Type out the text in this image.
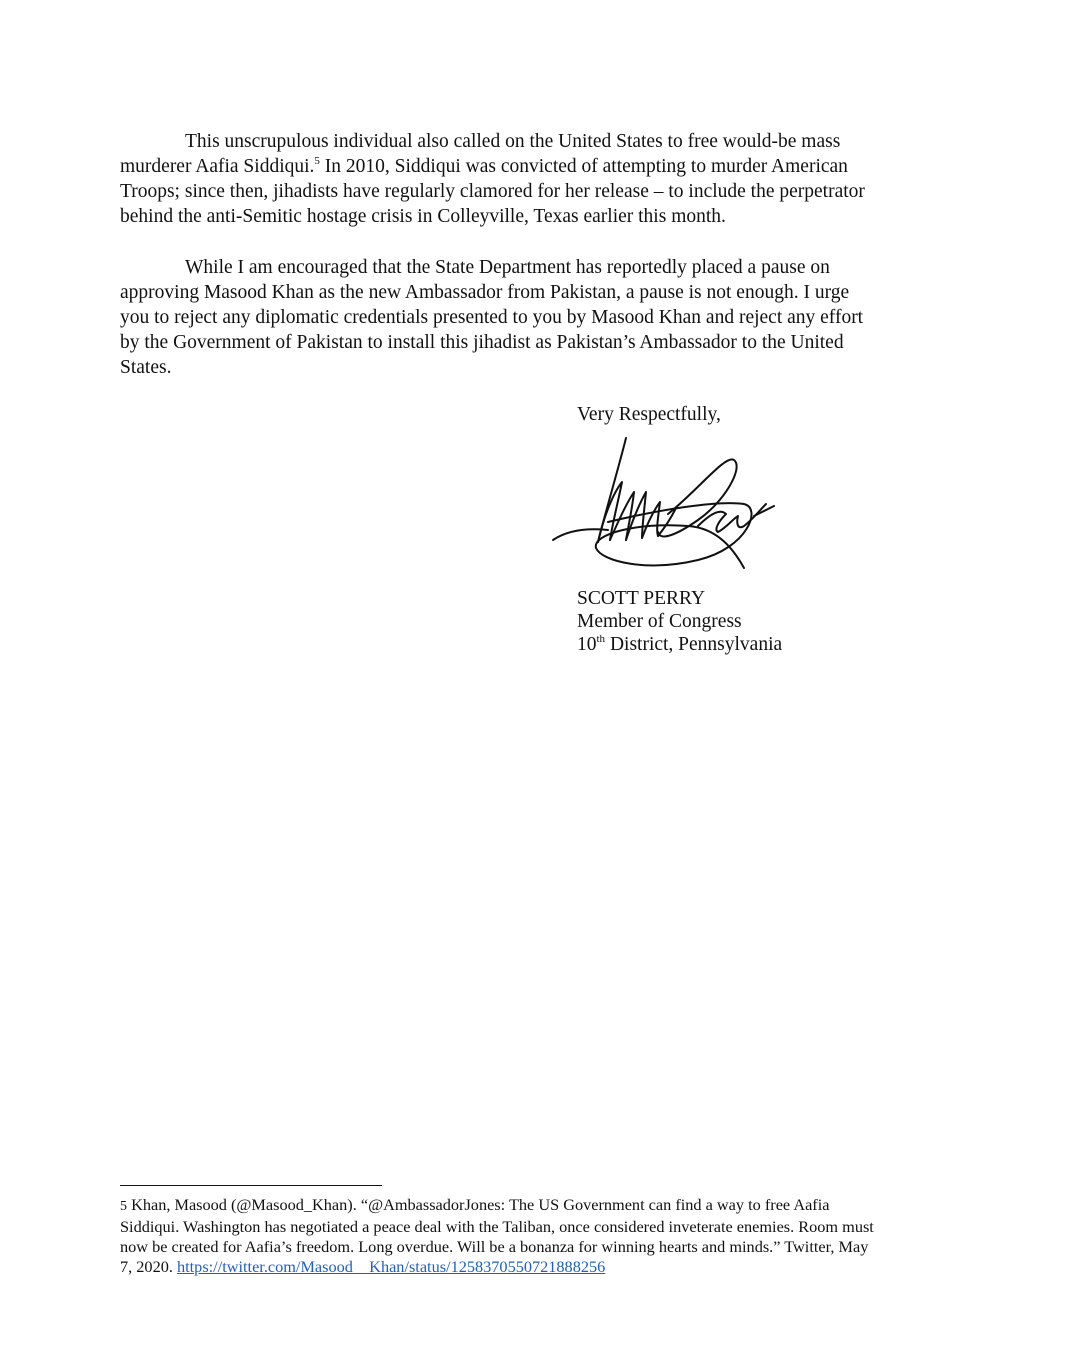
This unscrupulous individual also called on the United States to free would-be mass
murderer Aafia Siddiqui.$^5$ In 2010, Siddiqui was convicted of attempting to murder American
Troops; since then, jihadists have regularly clamored for her release – to include the perpetrator
behind the anti-Semitic hostage crisis in Colleyville, Texas earlier this month.
While I am encouraged that the State Department has reportedly placed a pause on
approving Masood Khan as the new Ambassador from Pakistan, a pause is not enough. I urge
you to reject any diplomatic credentials presented to you by Masood Khan and reject any effort
by the Government of Pakistan to install this jihadist as Pakistan’s Ambassador to the United
States.
Very Respectfully,
SCOTT PERRY
Member of Congress
10th District, Pennsylvania
5 Khan, Masood (@Masood_Khan). “@AmbassadorJones: The US Government can find a way to free Aafia
Siddiqui. Washington has negotiated a peace deal with the Taliban, once considered inveterate enemies. Room must
now be created for Aafia’s freedom. Long overdue. Will be a bonanza for winning hearts and minds.” Twitter, May
7, 2020. https://twitter.com/Masood__Khan/status/1258370550721888256
